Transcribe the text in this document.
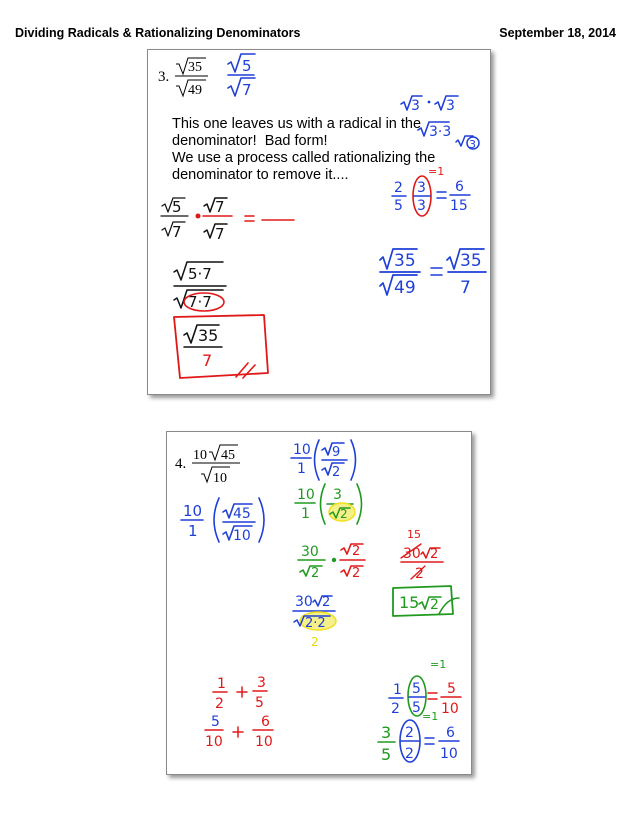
Dividing Radicals & Rationalizing Denominators	September 18, 2014
3.
35
49
5
7
3 3
3·3
3
2
5
3
3
=1
6
15
35
49
35
7
5
7
7
7
5·7
7·7
35
7
This one leaves us with a radical in the
denominator!  Bad form!
We use a process called rationalizing the
denominator to remove it....
4.
10 45
10
10
1
45
10
10
1
9
2
10
1
3
2
30
2
2
2
30 2
2·2
2
15
30 2
2
15 2
1
2
3
5
5
10
6
10
=1
1
2
5
5
5
10
3
5
2
2
=1
6
10
